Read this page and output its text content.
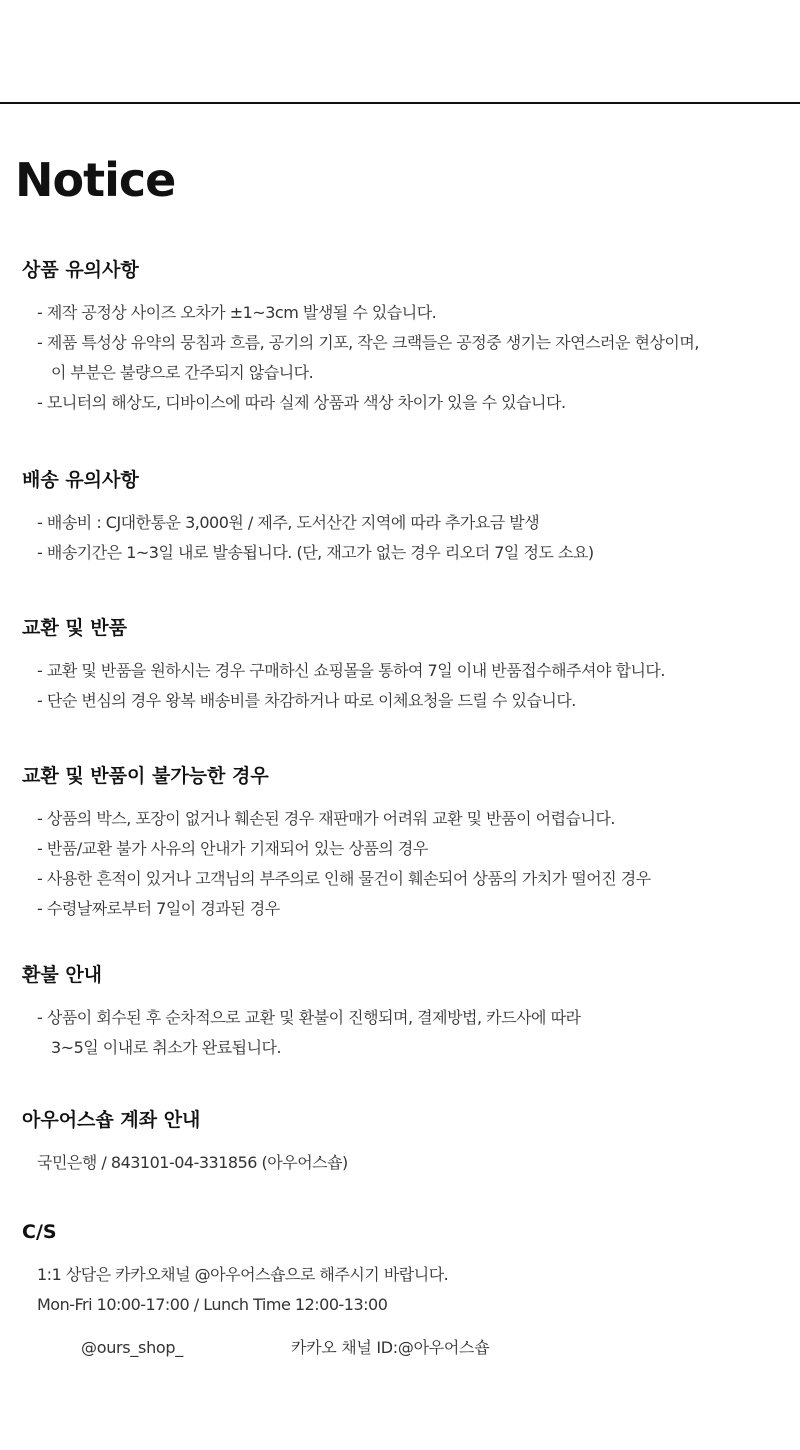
Notice
상품 유의사항
- 제작 공정상 사이즈 오차가 ±1~3cm 발생될 수 있습니다.
- 제품 특성상 유약의 뭉침과 흐름, 공기의 기포, 작은 크랙들은 공정중 생기는 자연스러운 현상이며,
이 부분은 불량으로 간주되지 않습니다.
- 모니터의 해상도, 디바이스에 따라 실제 상품과 색상 차이가 있을 수 있습니다.
배송 유의사항
- 배송비 : CJ대한통운 3,000원 / 제주, 도서산간 지역에 따라 추가요금 발생
- 배송기간은 1~3일 내로 발송됩니다. (단, 재고가 없는 경우 리오더 7일 정도 소요)
교환 및 반품
- 교환 및 반품을 원하시는 경우 구매하신 쇼핑몰을 통하여 7일 이내 반품접수해주셔야 합니다.
- 단순 변심의 경우 왕복 배송비를 차감하거나 따로 이체요청을 드릴 수 있습니다.
교환 및 반품이 불가능한 경우
- 상품의 박스, 포장이 없거나 훼손된 경우 재판매가 어려워 교환 및 반품이 어렵습니다.
- 반품/교환 불가 사유의 안내가 기재되어 있는 상품의 경우
- 사용한 흔적이 있거나 고객님의 부주의로 인해 물건이 훼손되어 상품의 가치가 떨어진 경우
- 수령날짜로부터 7일이 경과된 경우
환불 안내
- 상품이 회수된 후 순차적으로 교환 및 환불이 진행되며, 결제방법, 카드사에 따라
3~5일 이내로 취소가 완료됩니다.
아우어스숍 계좌 안내
국민은행 / 843101-04-331856 (아우어스숍)
C/S
1:1 상담은 카카오채널 @아우어스숍으로 해주시기 바랍니다.
Mon-Fri 10:00-17:00 / Lunch Time 12:00-13:00
@ours_shop_	카카오 채널 ID:@아우어스숍
